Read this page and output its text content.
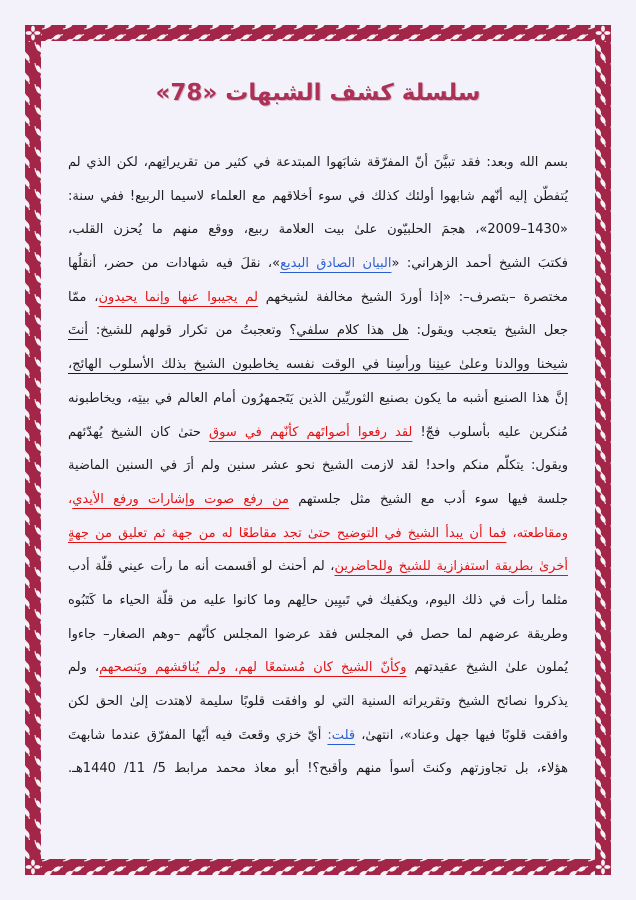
سلسلة كشف الشبهات «78»
بسم الله وبعد: فقد تبيَّنَ أنّ المفرّقة شابَهوا المبتدعة في كثير من تقريراتِهم، لكن الذي لم
يُتفطّن إليه أنّهم شابهوا أولئك كذلك في سوء أخلاقهم مع العلماء لاسيما الربيع! ففي سنة:
«1430–2009»، هجمَ الحلبيّون علىٰ بيت العلامة ربيع، ووقع منهم ما يُحزن القلب،
فكتبَ الشيخ أحمد الزهراني: «البيان الصادق البديع»، نقلَ فيه شهادات من حضر، أنقلُها
مختصرة –بتصرف–: «إذا أوردَ الشيخ مخالفة لشيخهم لم يجيبوا عنها وإنما يحيدون، ممّا
جعل الشيخ يتعجب ويقول: هل هذا كلام سلفي؟ وتعجبتُ من تكرار قولهم للشيخ: أنتَ
شيخنا ووالدنا وعلىٰ عينِنا ورأسِنا في الوقت نفسه يخاطبون الشيخ بذلك الأسلوب الهائج،
إنَّ هذا الصنيع أشبه ما يكون بصنيع الثوريِّين الذين يَتَجمهرُون أمام العالم في بيتِه، ويخاطبونه
مُنكرين عليه بأسلوب فجّ! لقد رفعوا أصواتَهم كأنّهم في سوق حتىٰ كان الشيخ يُهدّئهم
ويقول: يتكلّم منكم واحد! لقد لازمت الشيخ نحو عشر سنين ولم أرَ في السنين الماضية
جلسة فيها سوء أدب مع الشيخ مثل جلستهم من رفع صوت وإشارات ورفع الأيدي،
ومقاطعته، فما أن يبدأ الشيخ في التوضيح حتىٰ تجد مقاطعًا له من جهة ثم تعليق من جهةٍ
أخرىٰ بطريقة استفزازية للشيخ وللحاضرين، لم أحنث لو أقسمت أنه ما رأت عيني قلّة أدب
مثلما رأت في ذلك اليوم، ويكفيك في تَبيِين حالِهم وما كانوا عليه من قلّة الحياء ما كَتَبُوه
وطريقة عرضهم لما حصل في المجلس فقد عرضوا المجلس كأنّهم –وهم الصغار– جاءوا
يُملون علىٰ الشيخ عقيدتهم وكأنّ الشيخ كان مُستمعًا لهم، ولم يُناقشهم ويَنصحهم، ولم
يذكروا نصائح الشيخ وتقريراته السنية التي لو وافقت قلوبًا سليمة لاهتدت إلىٰ الحق لكن
وافقت قلوبًا فيها جهل وعناد»، انتهىٰ، قلت: أيّ خزي وقعتَ فيه أيّها المفرّق عندما شابهتَ
هؤلاء، بل تجاوزتهم وكنتَ أسوأ منهم وأقبح؟! أبو معاذ محمد مرابط 5/ 11/ 1440هـ.
